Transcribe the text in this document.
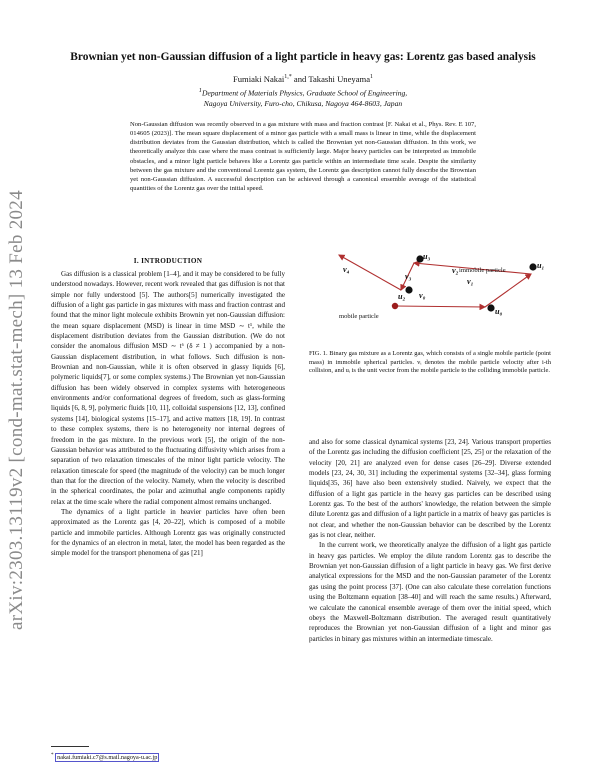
arXiv:2303.13119v2 [cond-mat.stat-mech] 13 Feb 2024
Brownian yet non-Gaussian diffusion of a light particle in heavy gas: Lorentz gas based analysis
Fumiaki Nakai$^{1,*}$ and Takashi Uneyama$^1$
$^1$Department of Materials Physics, Graduate School of Engineering,
Nagoya University, Furo-cho, Chikusa, Nagoya 464-8603, Japan
Non-Gaussian diffusion was recently observed in a gas mixture with mass and fraction contrast [F. Nakai et al., Phys. Rev. E 107, 014605 (2023)]. The mean square displacement of a minor gas particle with a small mass is linear in time, while the displacement distribution deviates from the Gaussian distribution, which is called the Brownian yet non-Gaussian diffusion. In this work, we theoretically analyze this case where the mass contrast is sufficiently large. Major heavy particles can be interpreted as immobile obstacles, and a minor light particle behaves like a Lorentz gas particle within an intermediate time scale. Despite the similarity between the gas mixture and the conventional Lorentz gas system, the Lorentz gas description cannot fully describe the Brownian yet non-Gaussian diffusion. A successful description can be achieved through a canonical ensemble average of the statistical quantities of the Lorentz gas over the initial speed.
I. INTRODUCTION

Gas diffusion is a classical problem [1–4], and it may be considered to be fully understood nowadays. However, recent work revealed that gas diffusion is not that simple nor fully understood [5]. The authors[5] numerically investigated the diffusion of a light gas particle in gas mixtures with mass and fraction contrast and found that the minor light molecule exhibits Brownin yet non-Gaussian diffusion: the mean square displacement (MSD) is linear in time MSD ∼ t¹, while the displacement distribution deviates from the Gaussian distribution. (We do not consider the anomalous diffusion MSD ∼ tᵟ (δ ≠ 1 ) accompanied by a non-Gaussian displacement distribution, in what follows. Such diffusion is non-Brownian and non-Gaussian, while it is often observed in glassy liquids [6], polymeric liquids[7], or some complex systems.) The Brownian yet non-Gaussian diffusion has been widely observed in complex systems with heterogeneous environments and/or conformational degrees of freedom, such as glass-forming liquids [6, 8, 9], polymeric fluids [10, 11], colloidal suspensions [12, 13], confined systems [14], biological systems [15–17], and active matters [18, 19]. In contrast to these complex systems, there is no heterogeneity nor internal degrees of freedom in the gas mixture. In the previous work [5], the origin of the non-Gaussian behavior was attributed to the fluctuating diffusivity which arises from a separation of two relaxation timescales of the minor light particle velocity. The relaxation timescale for speed (the magnitude of the velocity) can be much longer than that for the direction of the velocity. Namely, when the velocity is described in the spherical coordinates, the polar and azimuthal angle components rapidly relax at the time scale where the radial component almost remains unchanged.

The dynamics of a light particle in heavier particles have often been approximated as the Lorentz gas [4, 20–22], which is composed of a mobile particle and immobile particles. Although Lorentz gas was originally constructed for the dynamics of an electron in metal, later, the model has been regarded as the simple model for the transport phenomena of gas [21]

immobile particle
mobile particle
u₃
u₂
u₁
u₀
v₀
v₁
v₂
v₃
v₄
FIG. 1. Binary gas mixture as a Lorentz gas, which consists of a single mobile particle (point mass) in immobile spherical particles. vᵢ denotes the mobile particle velocity after i-th collision, and uᵢ is the unit vector from the mobile particle to the colliding immobile particle.

and also for some classical dynamical systems [23, 24]. Various transport properties of the Lorentz gas including the diffusion coefficient [25, 25] or the relaxation of the velocity [20, 21] are analyzed even for dense cases [26–29]. Diverse extended models [23, 24, 30, 31] including the experimental systems [32–34], glass forming liquids[35, 36] have also been extensively studied. Naively, we expect that the diffusion of a light gas particle in the heavy gas particles can be described using Lorentz gas. To the best of the authors' knowledge, the relation between the simple dilute Lorentz gas and diffusion of a light particle in a matrix of heavy gas particles is not clear, and whether the non-Gaussian behavior can be described by the Lorentz gas is not clear, neither.

In the current work, we theoretically analyze the diffusion of a light gas particle in heavy gas particles. We employ the dilute random Lorentz gas to describe the Brownian yet non-Gaussian diffusion of a light particle in heavy gas. We first derive analytical expressions for the MSD and the non-Gaussian parameter of the Lorentz gas using the point process [37]. (One can also calculate these correlation functions using the Boltzmann equation [38–40] and will reach the same results.) Afterward, we calculate the canonical ensemble average of them over the initial speed, which obeys the Maxwell-Boltzmann distribution. The averaged result quantitatively reproduces the Brownian yet non-Gaussian diffusion of a light and minor gas particles in binary gas mixtures within an intermediate timescale.

* nakai.fumiaki.c7@s.mail.nagoya-u.ac.jp
